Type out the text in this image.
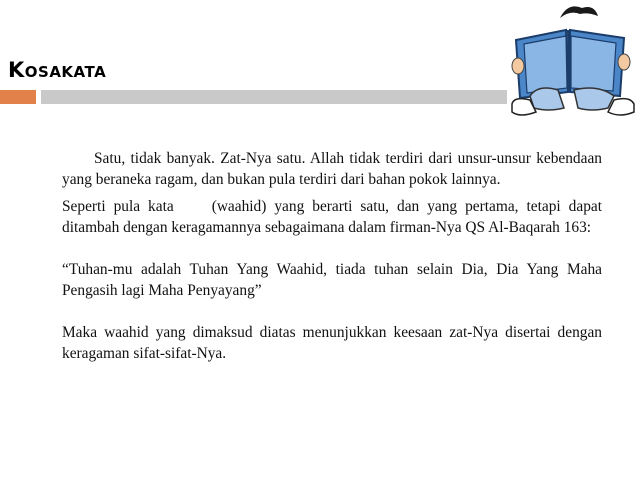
Kosakata

Satu, tidak banyak. Zat-Nya satu. Allah tidak terdiri dari unsur-unsur kebendaan yang beraneka ragam, dan bukan pula terdiri dari bahan pokok lainnya.

Seperti pula kata (waahid) yang berarti satu, dan yang pertama, tetapi dapat ditambah dengan keragamannya sebagaimana dalam firman-Nya QS Al-Baqarah 163:

“Tuhan-mu adalah Tuhan Yang Waahid, tiada tuhan selain Dia, Dia Yang Maha Pengasih lagi Maha Penyayang”

Maka waahid yang dimaksud diatas menunjukkan keesaan zat-Nya disertai dengan keragaman sifat-sifat-Nya.
